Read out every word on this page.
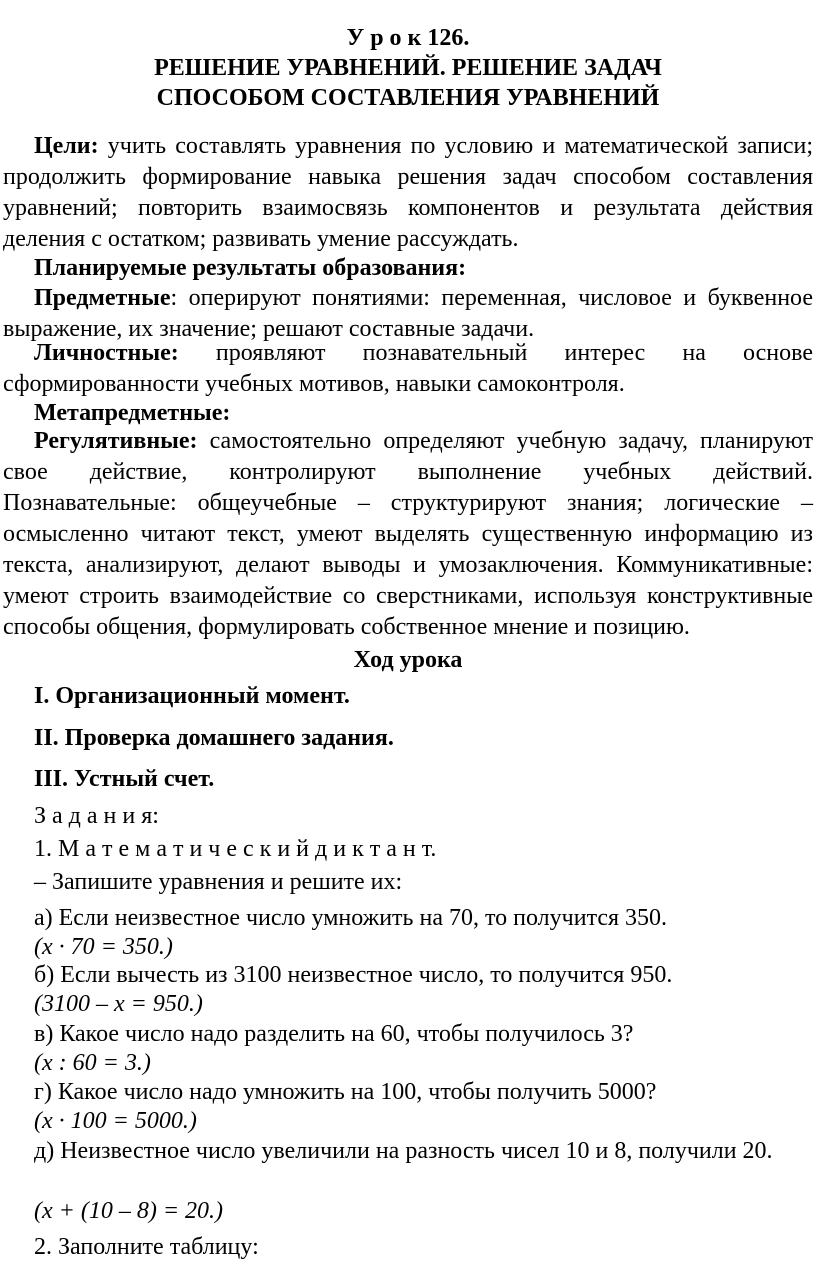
У р о к 126.
РЕШЕНИЕ УРАВНЕНИЙ. РЕШЕНИЕ ЗАДАЧ
СПОСОБОМ СОСТАВЛЕНИЯ УРАВНЕНИЙ
Цели: учить составлять уравнения по условию и математической записи; продолжить формирование навыка решения задач способом составления уравнений; повторить взаимосвязь компонентов и результата действия деления с остатком; развивать умение рассуждать.
Планируемые результаты образования:
Предметные: оперируют понятиями: переменная, числовое и буквенное выражение, их значение; решают составные задачи.
Личностные: проявляют познавательный интерес на основе сформированности учебных мотивов, навыки самоконтроля.
Метапредметные:
Регулятивные: самостоятельно определяют учебную задачу, планируют свое действие, контролируют выполнение учебных действий. Познавательные: общеучебные – структурируют знания; логические – осмысленно читают текст, умеют выделять существенную информацию из текста, анализируют, делают выводы и умозаключения. Коммуникативные: умеют строить взаимодействие со сверстниками, используя конструктивные способы общения, формулировать собственное мнение и позицию.
Ход урока
I. Организационный момент.
II. Проверка домашнего задания.
III. Устный счет.
З а д а н и я:
1. М а т е м а т и ч е с к и й д и к т а н т.
– Запишите уравнения и решите их:
а) Если неизвестное число умножить на 70, то получится 350.
(x · 70 = 350.)
б) Если вычесть из 3100 неизвестное число, то получится 950.
(3100 – x = 950.)
в) Какое число надо разделить на 60, чтобы получилось 3?
(x : 60 = 3.)
г) Какое число надо умножить на 100, чтобы получить 5000?
(x · 100 = 5000.)
д) Неизвестное число увеличили на разность чисел 10 и 8, получили 20.
(x + (10 – 8) = 20.)
2. Заполните таблицу:
